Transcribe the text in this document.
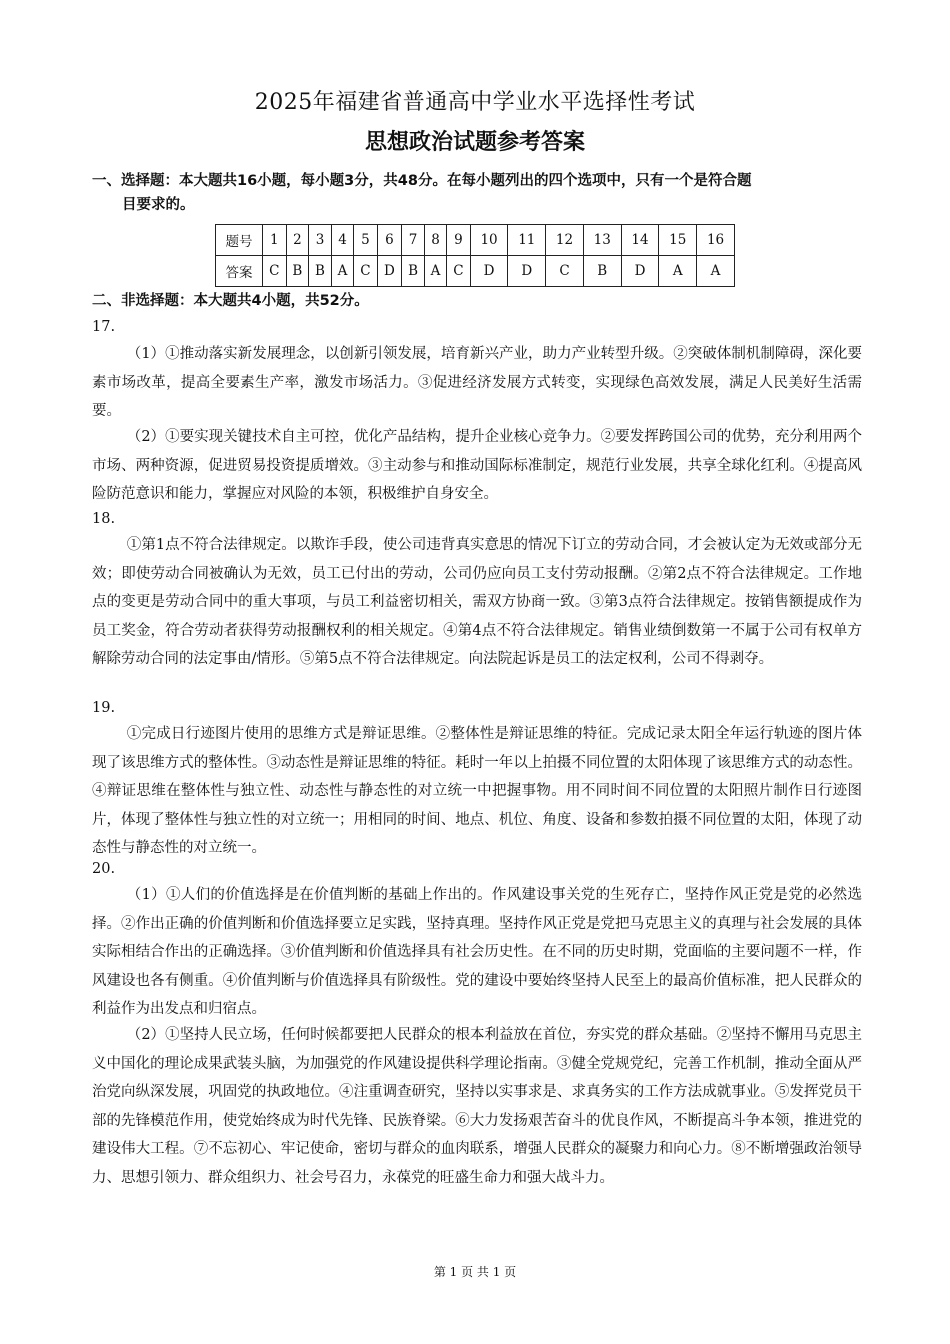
2025年福建省普通高中学业水平选择性考试
思想政治试题参考答案
一、选择题：本大题共16小题，每小题3分，共48分。在每小题列出的四个选项中，只有一个是符合题
目要求的。
题号	1	2	3	4	5	6	7	8	9	10	11	12	13	14	15	16
答案	C	B	B	A	C	D	B	A	C	D	D	C	B	D	A	A
二、非选择题：本大题共4小题，共52分。
17.
（1）①推动落实新发展理念，以创新引领发展，培育新兴产业，助力产业转型升级。②突破体制机制障碍，深化要素市场改革，提高全要素生产率，激发市场活力。③促进经济发展方式转变，实现绿色高效发展，满足人民美好生活需要。
（2）①要实现关键技术自主可控，优化产品结构，提升企业核心竞争力。②要发挥跨国公司的优势，充分利用两个市场、两种资源，促进贸易投资提质增效。③主动参与和推动国际标准制定，规范行业发展，共享全球化红利。④提高风险防范意识和能力，掌握应对风险的本领，积极维护自身安全。
18.
①第1点不符合法律规定。以欺诈手段，使公司违背真实意思的情况下订立的劳动合同，才会被认定为无效或部分无效；即使劳动合同被确认为无效，员工已付出的劳动，公司仍应向员工支付劳动报酬。②第2点不符合法律规定。工作地点的变更是劳动合同中的重大事项，与员工利益密切相关，需双方协商一致。③第3点符合法律规定。按销售额提成作为员工奖金，符合劳动者获得劳动报酬权利的相关规定。④第4点不符合法律规定。销售业绩倒数第一不属于公司有权单方解除劳动合同的法定事由/情形。⑤第5点不符合法律规定。向法院起诉是员工的法定权利，公司不得剥夺。
19.
①完成日行迹图片使用的思维方式是辩证思维。②整体性是辩证思维的特征。完成记录太阳全年运行轨迹的图片体现了该思维方式的整体性。③动态性是辩证思维的特征。耗时一年以上拍摄不同位置的太阳体现了该思维方式的动态性。④辩证思维在整体性与独立性、动态性与静态性的对立统一中把握事物。用不同时间不同位置的太阳照片制作日行迹图片，体现了整体性与独立性的对立统一；用相同的时间、地点、机位、角度、设备和参数拍摄不同位置的太阳，体现了动态性与静态性的对立统一。
20.
（1）①人们的价值选择是在价值判断的基础上作出的。作风建设事关党的生死存亡，坚持作风正党是党的必然选择。②作出正确的价值判断和价值选择要立足实践，坚持真理。坚持作风正党是党把马克思主义的真理与社会发展的具体实际相结合作出的正确选择。③价值判断和价值选择具有社会历史性。在不同的历史时期，党面临的主要问题不一样，作风建设也各有侧重。④价值判断与价值选择具有阶级性。党的建设中要始终坚持人民至上的最高价值标准，把人民群众的利益作为出发点和归宿点。
（2）①坚持人民立场，任何时候都要把人民群众的根本利益放在首位，夯实党的群众基础。②坚持不懈用马克思主义中国化的理论成果武装头脑，为加强党的作风建设提供科学理论指南。③健全党规党纪，完善工作机制，推动全面从严治党向纵深发展，巩固党的执政地位。④注重调查研究，坚持以实事求是、求真务实的工作方法成就事业。⑤发挥党员干部的先锋模范作用，使党始终成为时代先锋、民族脊梁。⑥大力发扬艰苦奋斗的优良作风，不断提高斗争本领，推进党的建设伟大工程。⑦不忘初心、牢记使命，密切与群众的血肉联系，增强人民群众的凝聚力和向心力。⑧不断增强政治领导力、思想引领力、群众组织力、社会号召力，永葆党的旺盛生命力和强大战斗力。
第 1 页 共 1 页
